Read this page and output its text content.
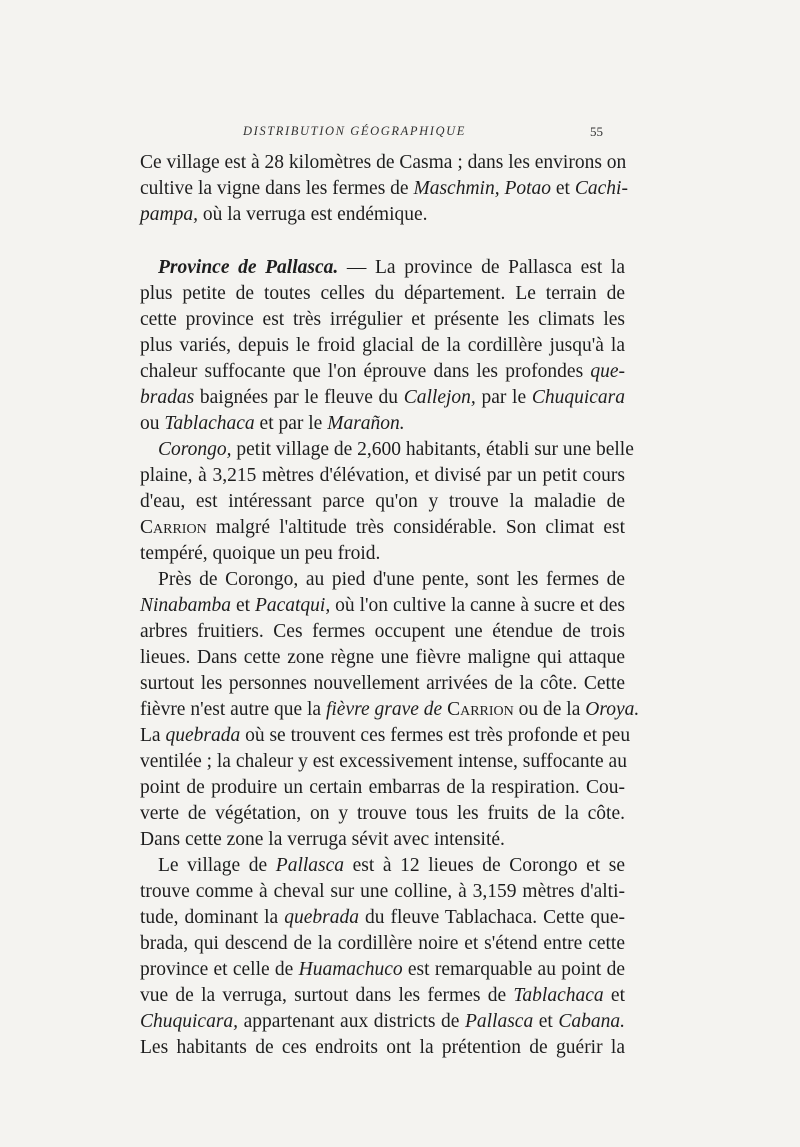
DISTRIBUTION GÉOGRAPHIQUE	55
Ce village est à 28 kilomètres de Casma ; dans les environs on
cultive la vigne dans les fermes de Maschmin, Potao et Cachi-
pampa, où la verruga est endémique.
Province de Pallasca. — La province de Pallasca est la
plus petite de toutes celles du département. Le terrain de
cette province est très irrégulier et présente les climats les
plus variés, depuis le froid glacial de la cordillère jusqu'à la
chaleur suffocante que l'on éprouve dans les profondes que-
bradas baignées par le fleuve du Callejon, par le Chuquicara
ou Tablachaca et par le Marañon.
Corongo, petit village de 2,600 habitants, établi sur une belle
plaine, à 3,215 mètres d'élévation, et divisé par un petit cours
d'eau, est intéressant parce qu'on y trouve la maladie de
Carrion malgré l'altitude très considérable. Son climat est
tempéré, quoique un peu froid.
Près de Corongo, au pied d'une pente, sont les fermes de
Ninabamba et Pacatqui, où l'on cultive la canne à sucre et des
arbres fruitiers. Ces fermes occupent une étendue de trois
lieues. Dans cette zone règne une fièvre maligne qui attaque
surtout les personnes nouvellement arrivées de la côte. Cette
fièvre n'est autre que la fièvre grave de Carrion ou de la Oroya.
La quebrada où se trouvent ces fermes est très profonde et peu
ventilée ; la chaleur y est excessivement intense, suffocante au
point de produire un certain embarras de la respiration. Cou-
verte de végétation, on y trouve tous les fruits de la côte.
Dans cette zone la verruga sévit avec intensité.
Le village de Pallasca est à 12 lieues de Corongo et se
trouve comme à cheval sur une colline, à 3,159 mètres d'alti-
tude, dominant la quebrada du fleuve Tablachaca. Cette que-
brada, qui descend de la cordillère noire et s'étend entre cette
province et celle de Huamachuco est remarquable au point de
vue de la verruga, surtout dans les fermes de Tablachaca et
Chuquicara, appartenant aux districts de Pallasca et Cabana.
Les habitants de ces endroits ont la prétention de guérir la
